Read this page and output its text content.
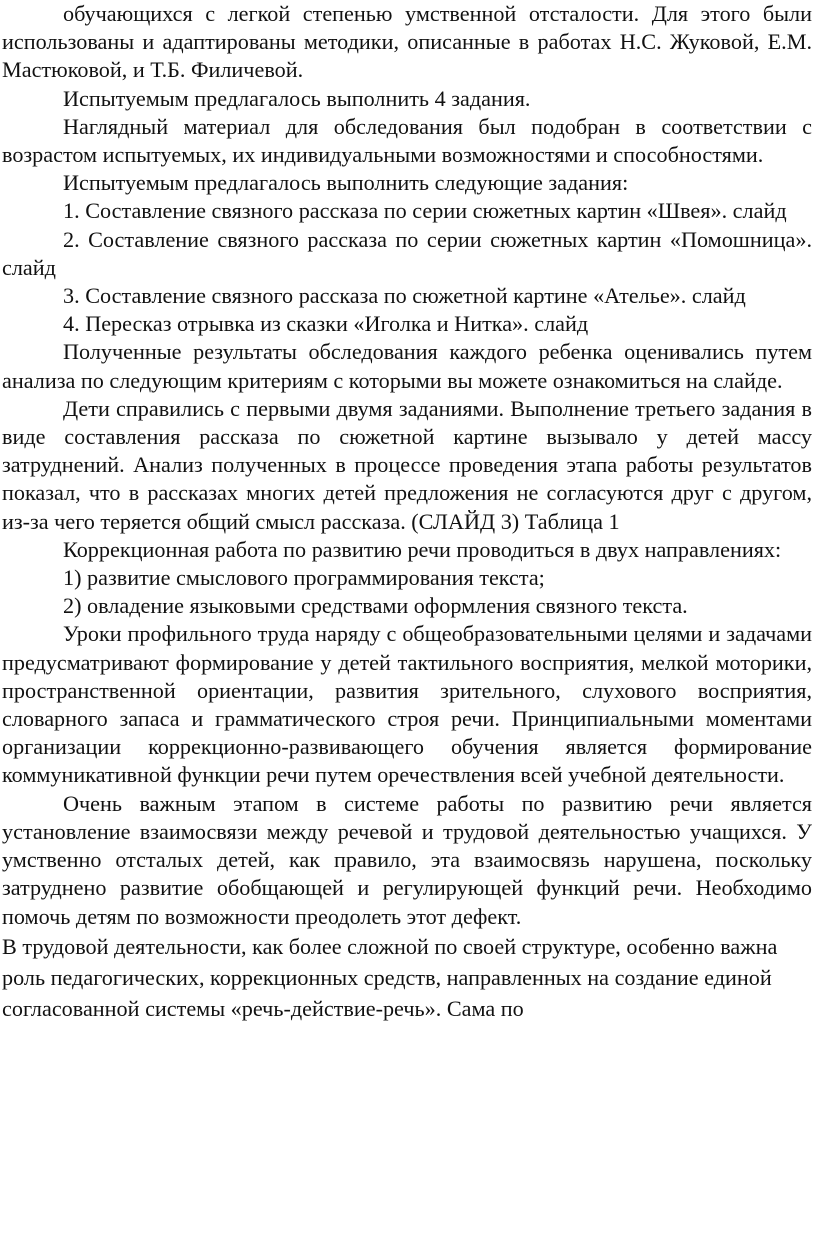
обучающихся с легкой степенью умственной отсталости. Для этого были использованы и адаптированы методики, описанные в работах Н.С. Жуковой, Е.М. Мастюковой, и Т.Б. Филичевой.

Испытуемым предлагалось выполнить 4 задания.

Наглядный материал для обследования был подобран в соответствии с возрастом испытуемых, их индивидуальными возможностями и способностями.

Испытуемым предлагалось выполнить следующие задания:

1. Составление связного рассказа по серии сюжетных картин «Швея». слайд

2. Составление связного рассказа по серии сюжетных картин «Помошница». слайд

3. Составление связного рассказа по сюжетной картине «Ателье». слайд

4. Пересказ отрывка из сказки «Иголка и Нитка». слайд

Полученные результаты обследования каждого ребенка оценивались путем анализа по следующим критериям с которыми вы можете ознакомиться на слайде.

Дети справились с первыми двумя заданиями. Выполнение третьего задания в виде составления рассказа по сюжетной картине вызывало у детей массу затруднений. Анализ полученных в процессе проведения этапа работы результатов показал, что в рассказах многих детей предложения не согласуются друг с другом, из-за чего теряется общий смысл рассказа. (СЛАЙД 3) Таблица 1

Коррекционная работа по развитию речи проводиться в двух направлениях:

1) развитие смыслового программирования текста;

2) овладение языковыми средствами оформления связного текста.

Уроки профильного труда наряду с общеобразовательными целями и задачами предусматривают формирование у детей тактильного восприятия, мелкой моторики, пространственной ориентации, развития зрительного, слухового восприятия, словарного запаса и грамматического строя речи. Принципиальными моментами организации коррекционно-развивающего обучения является формирование коммуникативной функции речи путем оречествления всей учебной деятельности.

Очень важным этапом в системе работы по развитию речи является установление взаимосвязи между речевой и трудовой деятельностью учащихся. У умственно отсталых детей, как правило, эта взаимосвязь нарушена, поскольку затруднено развитие обобщающей и регулирующей функций речи. Необходимо помочь детям по возможности преодолеть этот дефект.

В трудовой деятельности, как более сложной по своей структуре, особенно важна роль педагогических, коррекционных средств, направленных на создание единой согласованной системы «речь-действие-речь». Сама по
